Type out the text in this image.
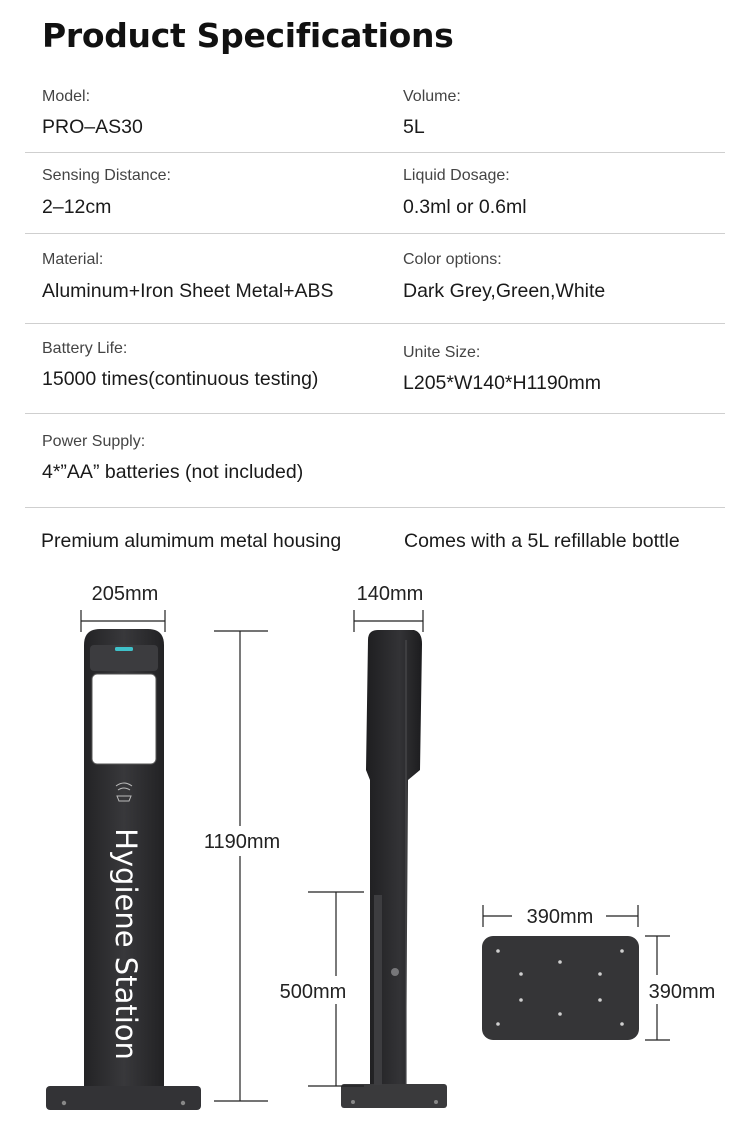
Product Specifications
Model:
PRO–AS30
Volume:
5L
Sensing Distance:
2–12cm
Liquid Dosage:
0.3ml or 0.6ml
Material:
Aluminum+Iron Sheet Metal+ABS
Color options:
Dark Grey,Green,White
Battery Life:
15000 times(continuous testing)
Unite Size:
L205*W140*H1190mm
Power Supply:
4*”AA” batteries (not included)
Premium alumimum metal housing	Comes with a 5L refillable bottle
205mm
Hygiene Station	1190mm
140mm
500mm
390mm
390mm
